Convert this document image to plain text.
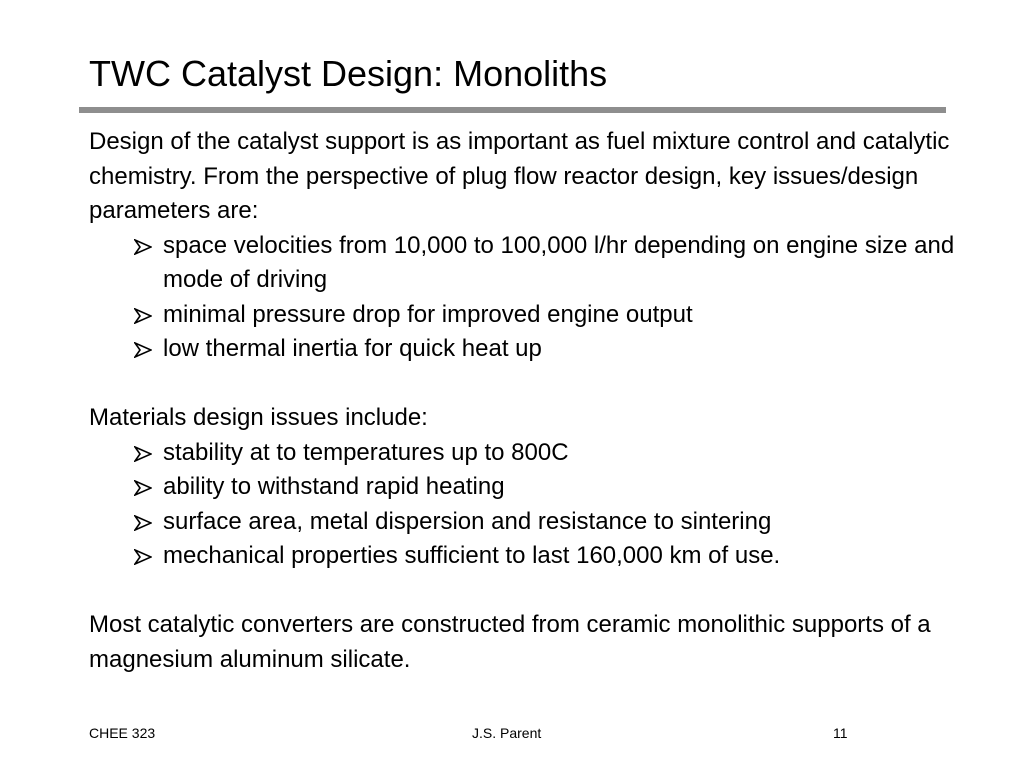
TWC Catalyst Design: Monoliths

Design of the catalyst support is as important as fuel mixture control and catalytic chemistry. From the perspective of plug flow reactor design, key issues/design parameters are:

space velocities from 10,000 to 100,000 l/hr depending on engine size and mode of driving
minimal pressure drop for improved engine output
low thermal inertia for quick heat up

Materials design issues include:

stability at to temperatures up to 800C
ability to withstand rapid heating
surface area, metal dispersion and resistance to sintering
mechanical properties sufficient to last 160,000 km of use.

Most catalytic converters are constructed from ceramic monolithic supports of a magnesium aluminum silicate.

CHEE 323	J.S. Parent	11
